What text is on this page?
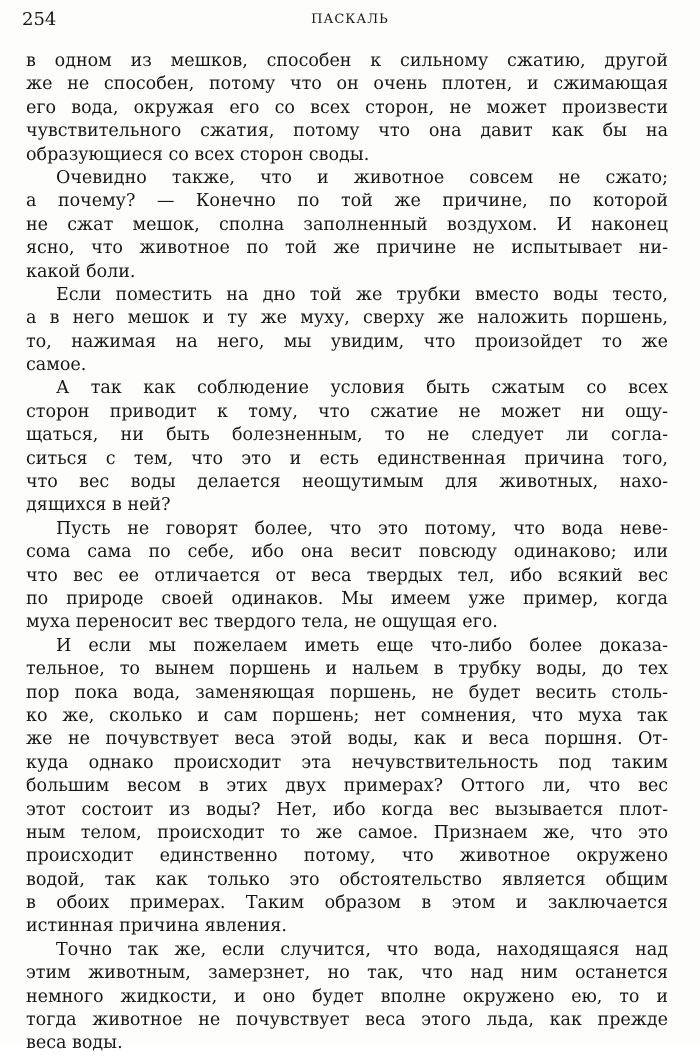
254	ПАСКАЛЬ
в одном из мешков, способен к сильному сжатию, другой
же не способен, потому что он очень плотен, и сжимающая
его вода, окружая его со всех сторон, не может произвести
чувствительного сжатия, потому что она давит как бы на
образующиеся со всех сторон своды.
Очевидно также, что и животное совсем не сжато;
а почему? — Конечно по той же причине, по которой
не сжат мешок, сполна заполненный воздухом. И наконец
ясно, что животное по той же причине не испытывает ни-
какой боли.
Если поместить на дно той же трубки вместо воды тесто,
а в него мешок и ту же муху, сверху же наложить поршень,
то, нажимая на него, мы увидим, что произойдет то же
самое.
А так как соблюдение условия быть сжатым со всех
сторон приводит к тому, что сжатие не может ни ощу-
щаться, ни быть болезненным, то не следует ли согла-
ситься с тем, что это и есть единственная причина того,
что вес воды делается неощутимым для животных, нахо-
дящихся в ней?
Пусть не говорят более, что это потому, что вода неве-
сома сама по себе, ибо она весит повсюду одинаково; или
что вес ее отличается от веса твердых тел, ибо всякий вес
по природе своей одинаков. Мы имеем уже пример, когда
муха переносит вес твердого тела, не ощущая его.
И если мы пожелаем иметь еще что-либо более доказа-
тельное, то вынем поршень и нальем в трубку воды, до тех
пор пока вода, заменяющая поршень, не будет весить столь-
ко же, сколько и сам поршень; нет сомнения, что муха так
же не почувствует веса этой воды, как и веса поршня. От-
куда однако происходит эта нечувствительность под таким
большим весом в этих двух примерах? Оттого ли, что вес
этот состоит из воды? Нет, ибо когда вес вызывается плот-
ным телом, происходит то же самое. Признаем же, что это
происходит единственно потому, что животное окружено
водой, так как только это обстоятельство является общим
в обоих примерах. Таким образом в этом и заключается
истинная причина явления.
Точно так же, если случится, что вода, находящаяся над
этим животным, замерзнет, но так, что над ним останется
немного жидкости, и оно будет вполне окружено ею, то и
тогда животное не почувствует веса этого льда, как прежде
веса воды.
